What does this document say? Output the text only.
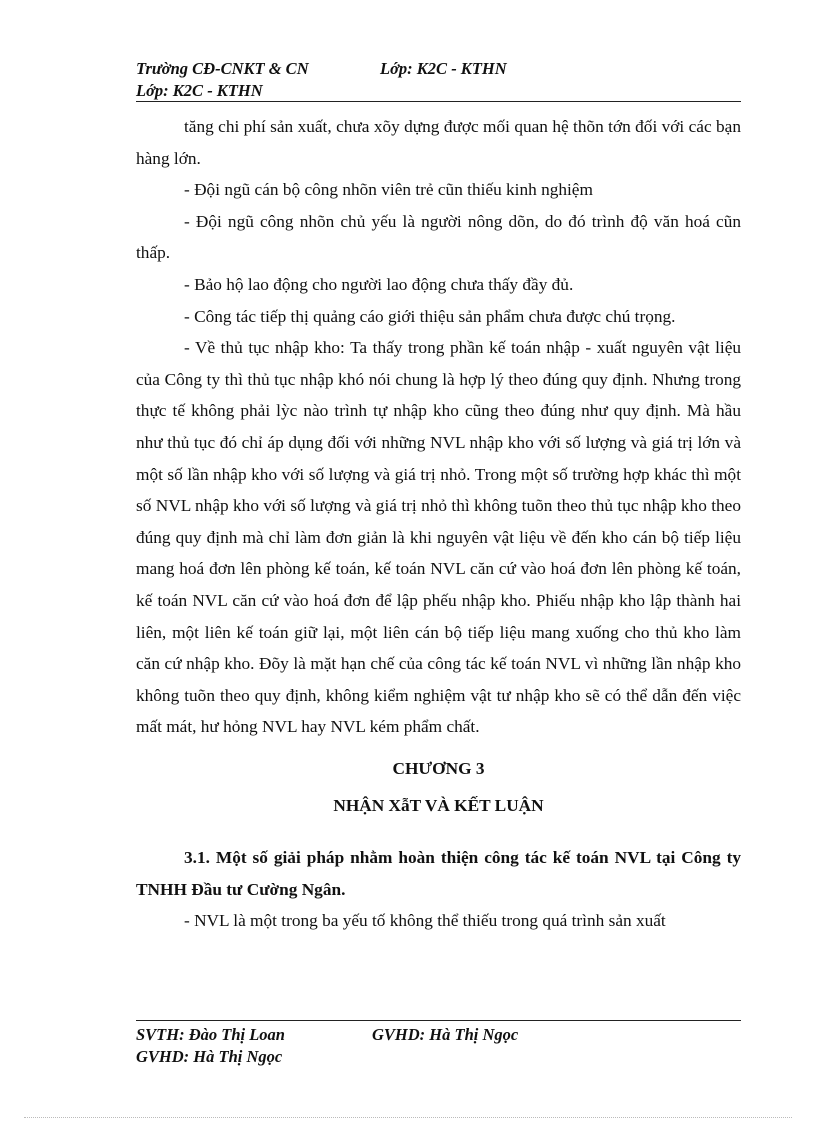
Trường CĐ-CNKT & CN	Lớp: K2C - KTHN
Lớp: K2C - KTHN

tăng chi phí sản xuất, chưa xõy dựng được mối quan hệ thõn tớn đối với các bạn hàng lớn.

- Đội ngũ cán bộ công nhõn viên trẻ cũn thiếu kinh nghiệm

- Đội ngũ công nhõn chủ yếu là người nông dõn, do đó trình độ văn hoá cũn thấp.

- Bảo hộ lao động cho người lao động chưa thấy đầy đủ.

- Công tác tiếp thị quảng cáo giới thiệu sản phẩm chưa được chú trọng.

- Về thủ tục nhập kho: Ta thấy trong phần kế toán nhập - xuất nguyên vật liệu của Công ty thì thủ tục nhập khó nói chung là hợp lý theo đúng quy định. Nhưng trong thực tế không phải lỳc nào trình tự nhập kho cũng theo đúng như quy định. Mà hầu như thủ tục đó chỉ áp dụng đối với những NVL nhập kho với số lượng và giá trị lớn và một số lần nhập kho với số lượng và giá trị nhỏ. Trong một số trường hợp khác thì một số NVL nhập kho với số lượng và giá trị nhỏ thì không tuõn theo thủ tục nhập kho theo đúng quy định mà chỉ làm đơn giản là khi nguyên vật liệu về đến kho cán bộ tiếp liệu mang hoá đơn lên phòng kế toán, kế toán NVL căn cứ vào hoá đơn lên phòng kế toán, kế toán NVL căn cứ vào hoá đơn để lập phếu nhập kho. Phiếu nhập kho lập thành hai liên, một liên kế toán giữ lại, một liên cán bộ tiếp liệu mang xuống cho thủ kho làm căn cứ nhập kho. Đõy là mặt hạn chế của công tác kế toán NVL vì những lần nhập kho không tuõn theo quy định, không kiểm nghiệm vật tư nhập kho sẽ có thể dẫn đến việc mất mát, hư hỏng NVL hay NVL kém phẩm chất.

CHƯƠNG 3

NHẬN XẫT VÀ KẾT LUẬN

3.1. Một số giải pháp nhằm hoàn thiện công tác kế toán NVL tại Công ty TNHH Đầu tư Cường Ngân.

- NVL là một trong ba yếu tố không thể thiếu trong quá trình sản xuất

SVTH: Đào Thị Loan	GVHD: Hà Thị Ngọc
GVHD: Hà Thị Ngọc
